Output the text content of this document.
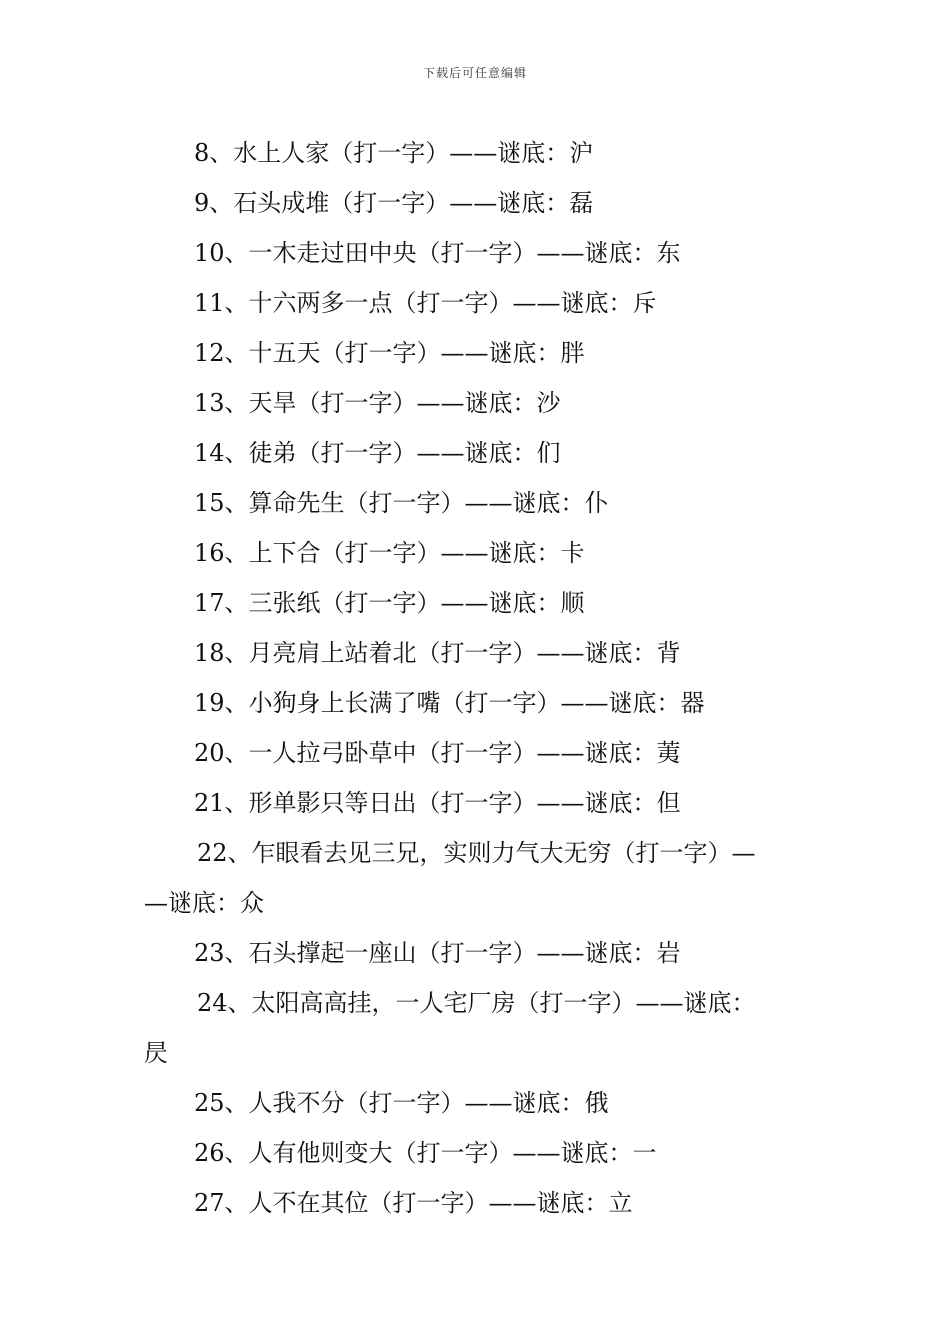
下载后可任意编辑
8、水上人家（打一字）——谜底：沪
9、石头成堆（打一字）——谜底：磊
10、一木走过田中央（打一字）——谜底：东
11、十六两多一点（打一字）——谜底：斥
12、十五天（打一字）——谜底：胖
13、天旱（打一字）——谜底：沙
14、徒弟（打一字）——谜底：们
15、算命先生（打一字）——谜底：仆
16、上下合（打一字）——谜底：卡
17、三张纸（打一字）——谜底：顺
18、月亮肩上站着北（打一字）——谜底：背
19、小狗身上长满了嘴（打一字）——谜底：器
20、一人拉弓卧草中（打一字）——谜底：荑
21、形单影只等日出（打一字）——谜底：但
22、乍眼看去见三兄，实则力气大无穷（打一字）—
—谜底：众
23、石头撑起一座山（打一字）——谜底：岩
24、太阳高高挂，一人宅厂房（打一字）——谜底：
昃
25、人我不分（打一字）——谜底：俄
26、人有他则变大（打一字）——谜底：一
27、人不在其位（打一字）——谜底：立
